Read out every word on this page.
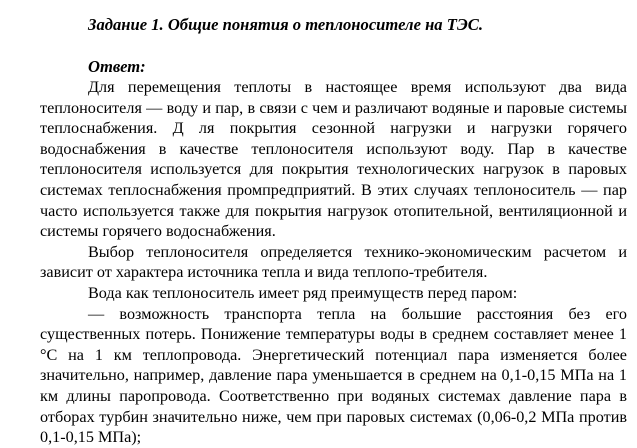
Задание 1. Общие понятия о теплоносителе на ТЭС.
Ответ:

Для перемещения теплоты в настоящее время используют два вида теплоносителя — воду и пар, в связи с чем и различают водяные и паровые системы теплоснабжения. Д ля покрытия сезонной нагрузки и нагрузки горячего водоснабжения в качестве теплоносителя используют воду. Пар в качестве теплоносителя используется для покрытия технологических нагрузок в паровых системах теплоснабжения промпредприятий. В этих случаях теплоноситель — пар часто используется также для покрытия нагрузок отопительной, вентиляционной и системы горячего водоснабжения.

Выбор теплоносителя определяется технико-экономическим расчетом и зависит от характера источника тепла и вида теплопо-требителя.

Вода как теплоноситель имеет ряд преимуществ перед паром:

— возможность транспорта тепла на большие расстояния без его существенных потерь. Понижение температуры воды в среднем составляет менее 1 °С на 1 км теплопровода. Энергетический потенциал пара изменяется более значительно, например, давление пара уменьшается в среднем на 0,1-0,15 МПа на 1 км длины паропровода. Соответственно при водяных системах давление пара в отборах турбин значительно ниже, чем при паровых системах (0,06-0,2 МПа против 0,1-0,15 МПа);
